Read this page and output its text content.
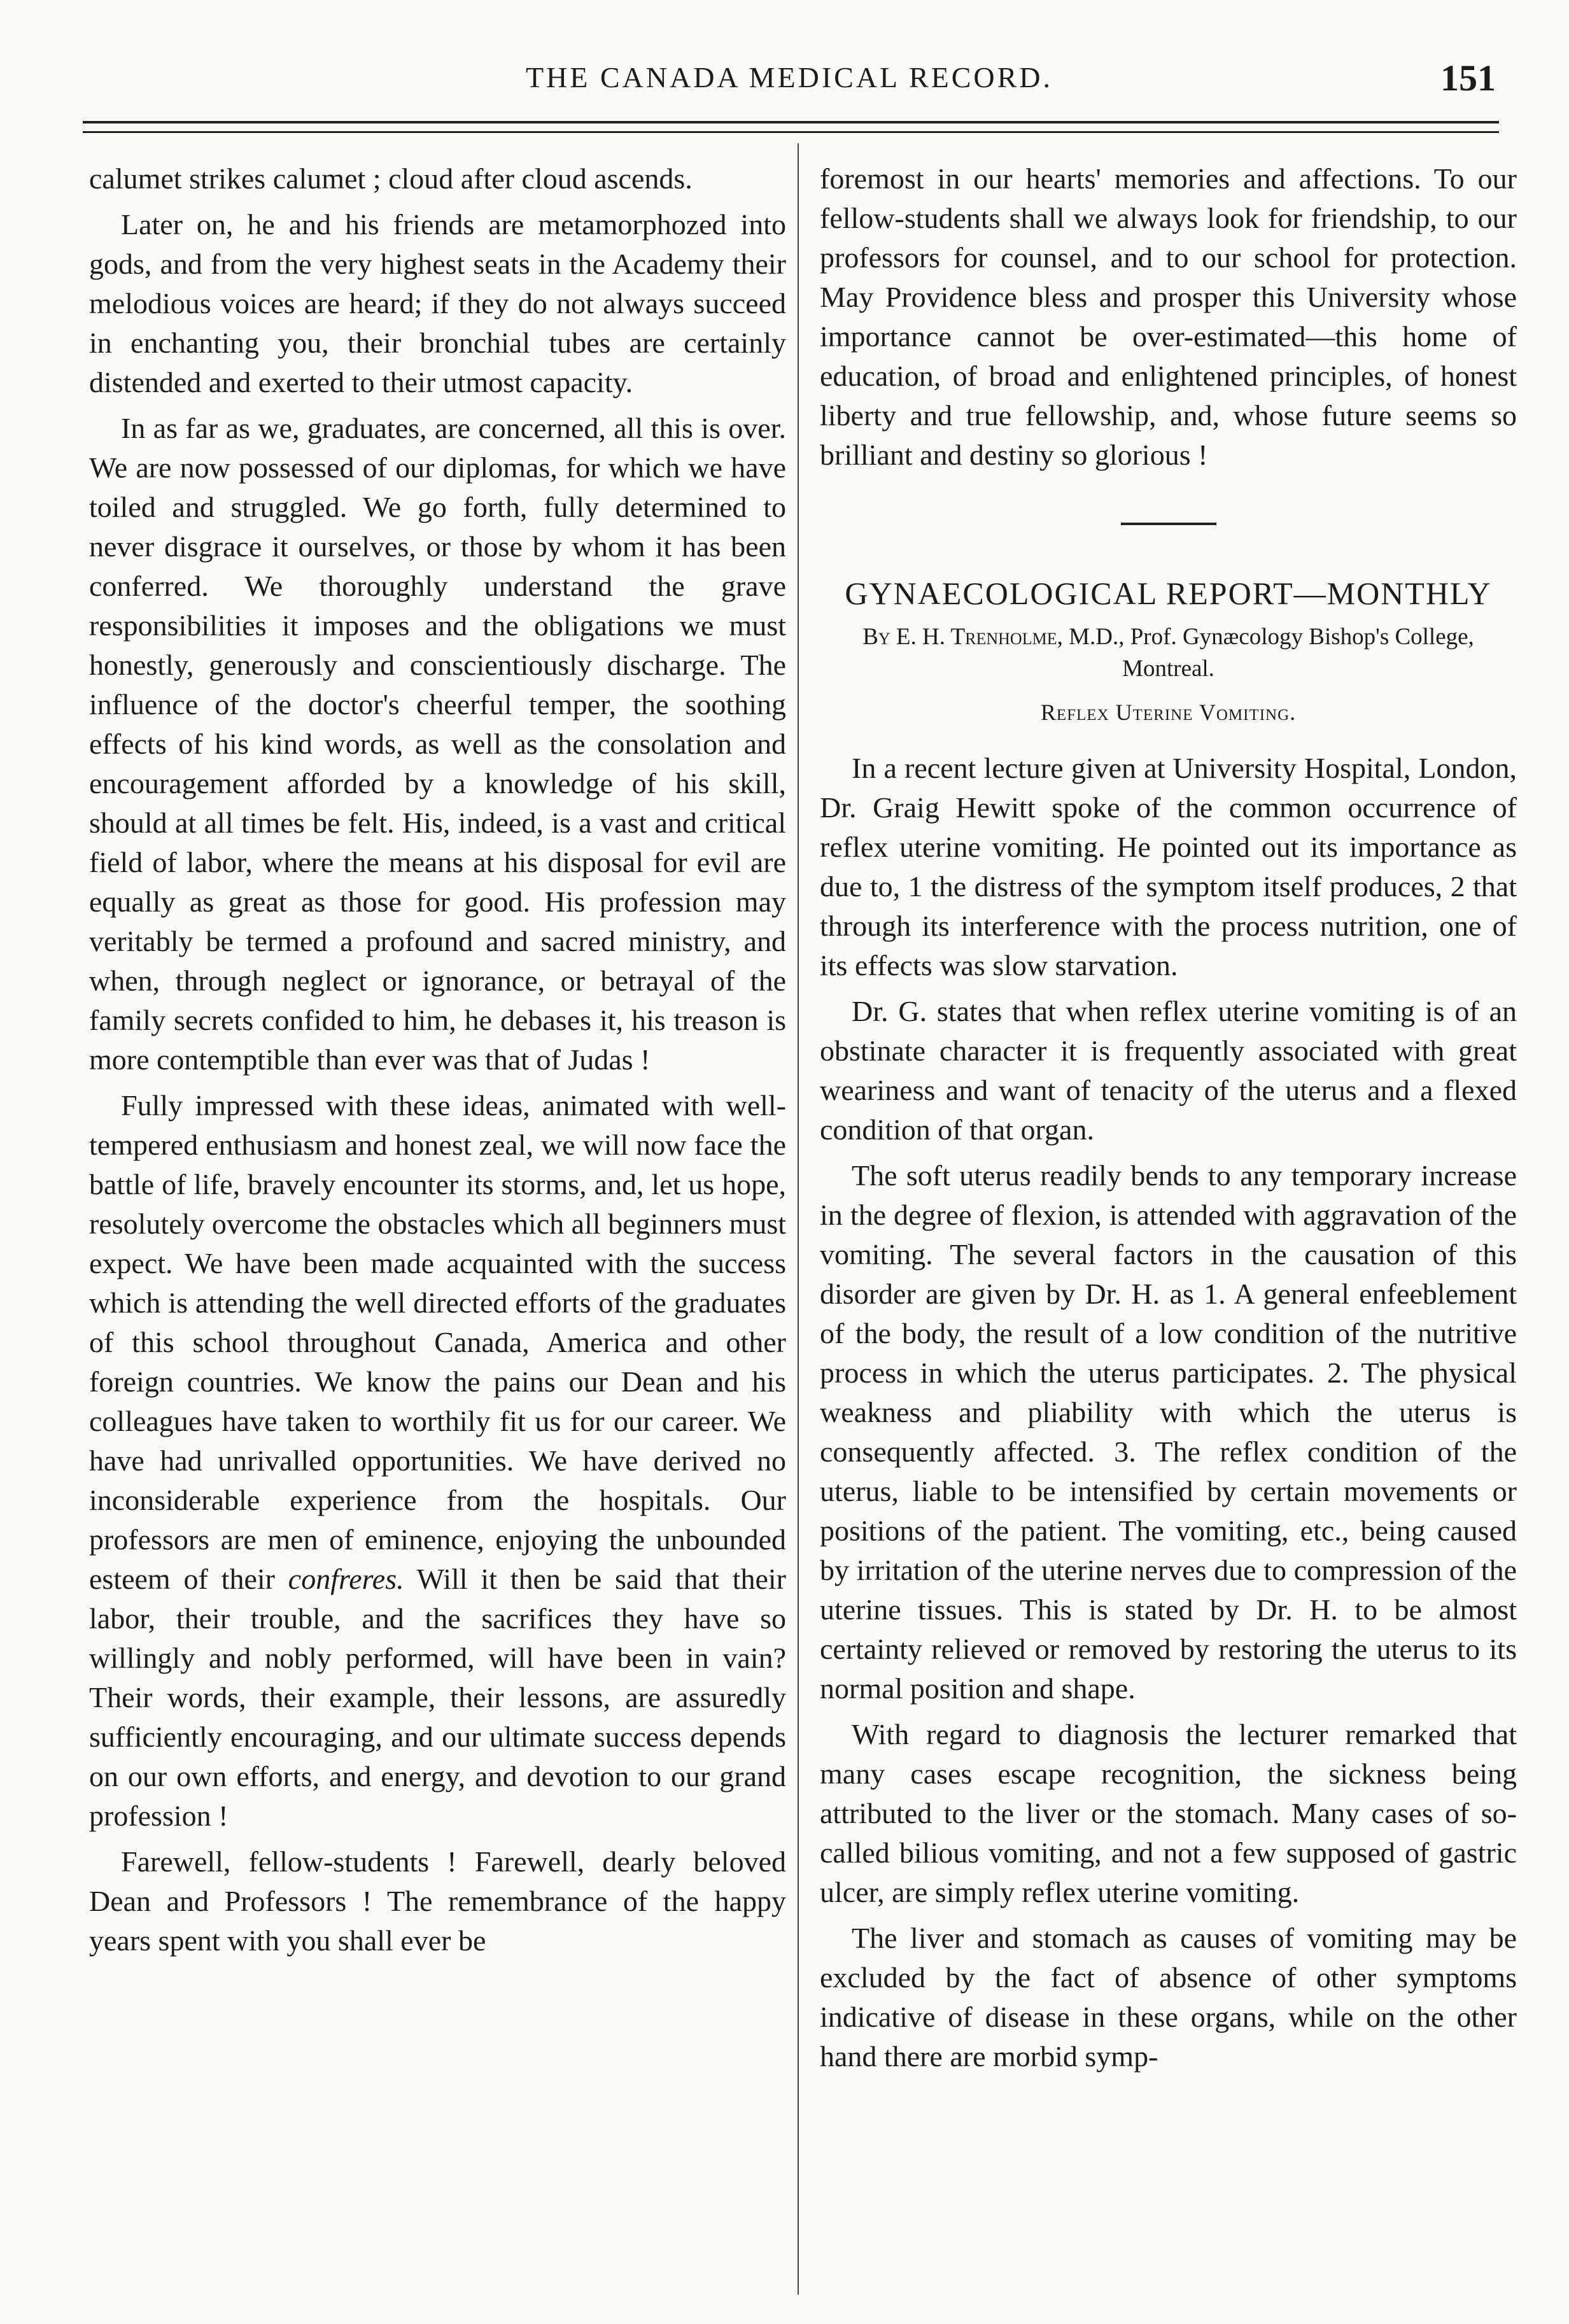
THE CANADA MEDICAL RECORD.	151

calumet strikes calumet ; cloud after cloud ascends.

Later on, he and his friends are metamorphozed into gods, and from the very highest seats in the Academy their melodious voices are heard; if they do not always succeed in enchanting you, their bronchial tubes are certainly distended and exerted to their utmost capacity.

In as far as we, graduates, are concerned, all this is over. We are now possessed of our diplomas, for which we have toiled and struggled. We go forth, fully determined to never disgrace it ourselves, or those by whom it has been conferred. We thoroughly understand the grave responsibilities it imposes and the obligations we must honestly, generously and conscientiously discharge. The influence of the doctor's cheerful temper, the soothing effects of his kind words, as well as the consolation and encouragement afforded by a knowledge of his skill, should at all times be felt. His, indeed, is a vast and critical field of labor, where the means at his disposal for evil are equally as great as those for good. His profession may veritably be termed a profound and sacred ministry, and when, through neglect or ignorance, or betrayal of the family secrets confided to him, he debases it, his treason is more contemptible than ever was that of Judas !

Fully impressed with these ideas, animated with well-tempered enthusiasm and honest zeal, we will now face the battle of life, bravely encounter its storms, and, let us hope, resolutely overcome the obstacles which all beginners must expect. We have been made acquainted with the success which is attending the well directed efforts of the graduates of this school throughout Canada, America and other foreign countries. We know the pains our Dean and his colleagues have taken to worthily fit us for our career. We have had unrivalled opportunities. We have derived no inconsiderable experience from the hospitals. Our professors are men of eminence, enjoying the unbounded esteem of their confreres. Will it then be said that their labor, their trouble, and the sacrifices they have so willingly and nobly performed, will have been in vain? Their words, their example, their lessons, are assuredly sufficiently encouraging, and our ultimate success depends on our own efforts, and energy, and devotion to our grand profession !

Farewell, fellow-students ! Farewell, dearly beloved Dean and Professors ! The remembrance of the happy years spent with you shall ever be

foremost in our hearts' memories and affections. To our fellow-students shall we always look for friendship, to our professors for counsel, and to our school for protection. May Providence bless and prosper this University whose importance cannot be over-estimated—this home of education, of broad and enlightened principles, of honest liberty and true fellowship, and, whose future seems so brilliant and destiny so glorious !

GYNAECOLOGICAL REPORT—MONTHLY
By E. H. Trenholme, M.D., Prof. Gynæcology Bishop's College, Montreal.
Reflex Uterine Vomiting.

In a recent lecture given at University Hospital, London, Dr. Graig Hewitt spoke of the common occurrence of reflex uterine vomiting. He pointed out its importance as due to, 1 the distress of the symptom itself produces, 2 that through its interference with the process nutrition, one of its effects was slow starvation.

Dr. G. states that when reflex uterine vomiting is of an obstinate character it is frequently associated with great weariness and want of tenacity of the uterus and a flexed condition of that organ.

The soft uterus readily bends to any temporary increase in the degree of flexion, is attended with aggravation of the vomiting. The several factors in the causation of this disorder are given by Dr. H. as 1. A general enfeeblement of the body, the result of a low condition of the nutritive process in which the uterus participates. 2. The physical weakness and pliability with which the uterus is consequently affected. 3. The reflex condition of the uterus, liable to be intensified by certain movements or positions of the patient. The vomiting, etc., being caused by irritation of the uterine nerves due to compression of the uterine tissues. This is stated by Dr. H. to be almost certainty relieved or removed by restoring the uterus to its normal position and shape.

With regard to diagnosis the lecturer remarked that many cases escape recognition, the sickness being attributed to the liver or the stomach. Many cases of so-called bilious vomiting, and not a few supposed of gastric ulcer, are simply reflex uterine vomiting.

The liver and stomach as causes of vomiting may be excluded by the fact of absence of other symptoms indicative of disease in these organs, while on the other hand there are morbid symp-
